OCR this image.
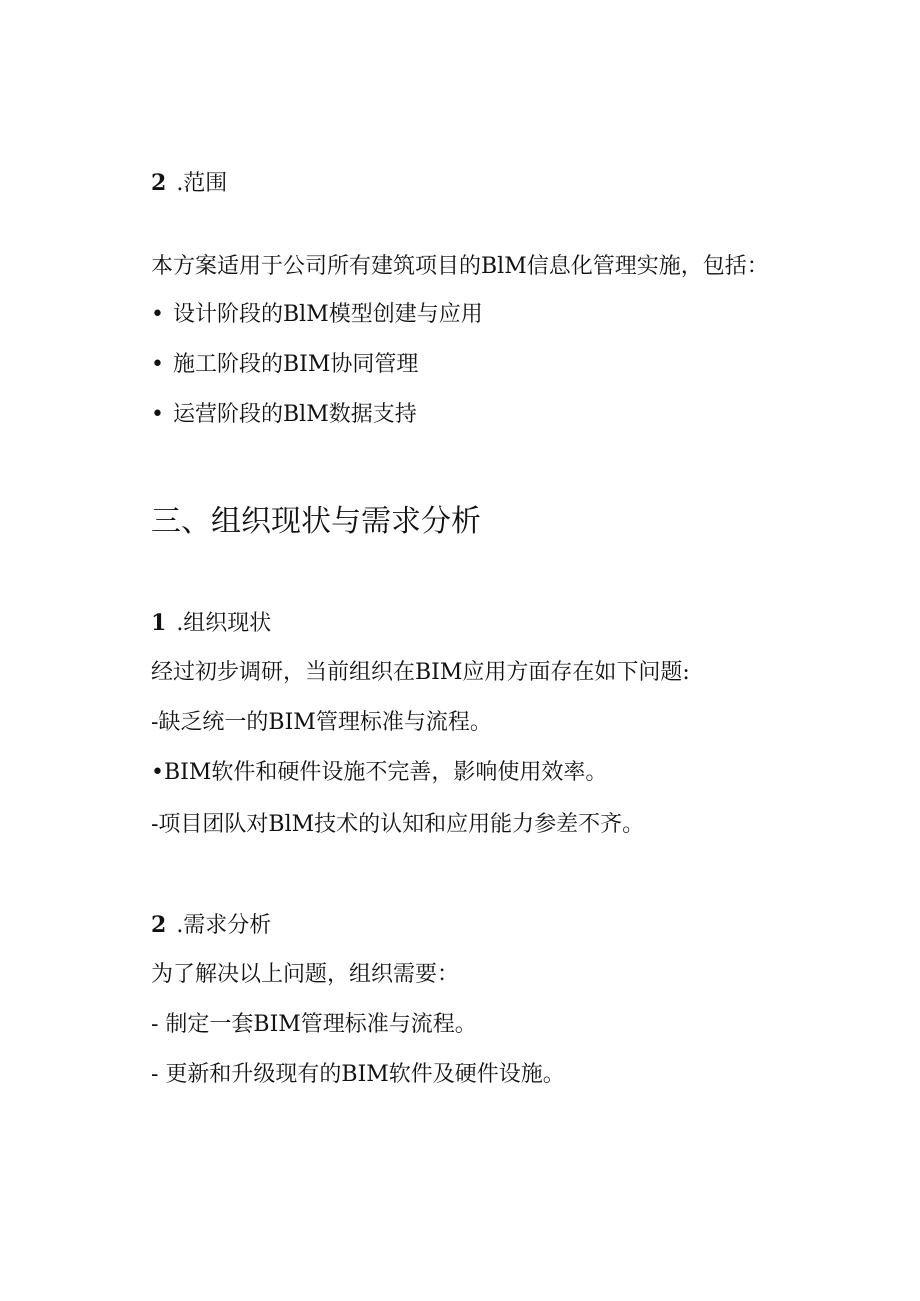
2 .范围

本方案适用于公司所有建筑项目的BlM信息化管理实施，包括：

• 设计阶段的BlM模型创建与应用

• 施工阶段的BIM协同管理

• 运营阶段的BlM数据支持

三、组织现状与需求分析

1 .组织现状

经过初步调研，当前组织在BIM应用方面存在如下问题:

-缺乏统一的BIM管理标准与流程。

•BIM软件和硬件设施不完善，影响使用效率。

-项目团队对BlM技术的认知和应用能力参差不齐。

2 .需求分析

为了解决以上问题，组织需要：

- 制定一套BIM管理标准与流程。

- 更新和升级现有的BIM软件及硬件设施。
